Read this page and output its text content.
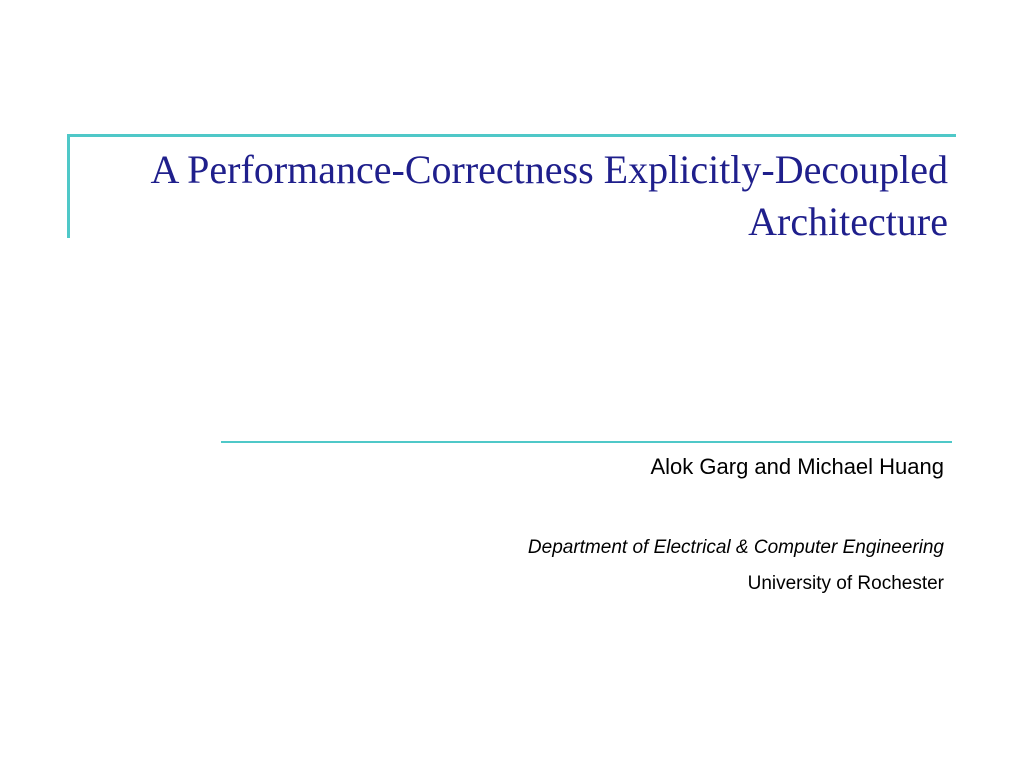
A Performance-Correctness Explicitly-Decoupled
Architecture
Alok Garg and Michael Huang
Department of Electrical & Computer Engineering
University of Rochester
